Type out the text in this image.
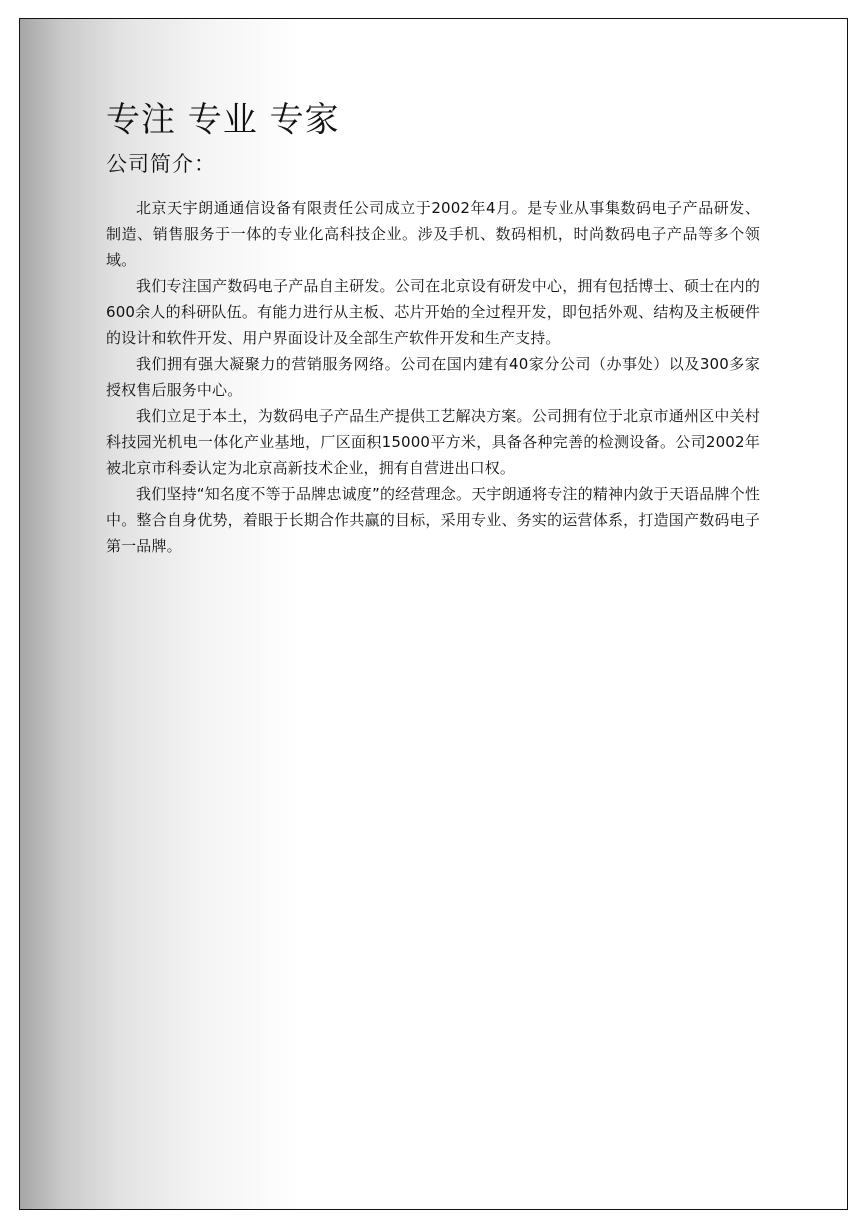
专注 专业 专家
公司简介：

北京天宇朗通通信设备有限责任公司成立于2002年4月。是专业从事集数码电子产品研发、制造、销售服务于一体的专业化高科技企业。涉及手机、数码相机，时尚数码电子产品等多个领域。

我们专注国产数码电子产品自主研发。公司在北京设有研发中心，拥有包括博士、硕士在内的600余人的科研队伍。有能力进行从主板、芯片开始的全过程开发，即包括外观、结构及主板硬件的设计和软件开发、用户界面设计及全部生产软件开发和生产支持。

我们拥有强大凝聚力的营销服务网络。公司在国内建有40家分公司（办事处）以及300多家授权售后服务中心。

我们立足于本土，为数码电子产品生产提供工艺解决方案。公司拥有位于北京市通州区中关村科技园光机电一体化产业基地，厂区面积15000平方米，具备各种完善的检测设备。公司2002年被北京市科委认定为北京高新技术企业，拥有自营进出口权。

我们坚持“知名度不等于品牌忠诚度”的经营理念。天宇朗通将专注的精神内敛于天语品牌个性中。整合自身优势，着眼于长期合作共赢的目标，采用专业、务实的运营体系，打造国产数码电子第一品牌。
